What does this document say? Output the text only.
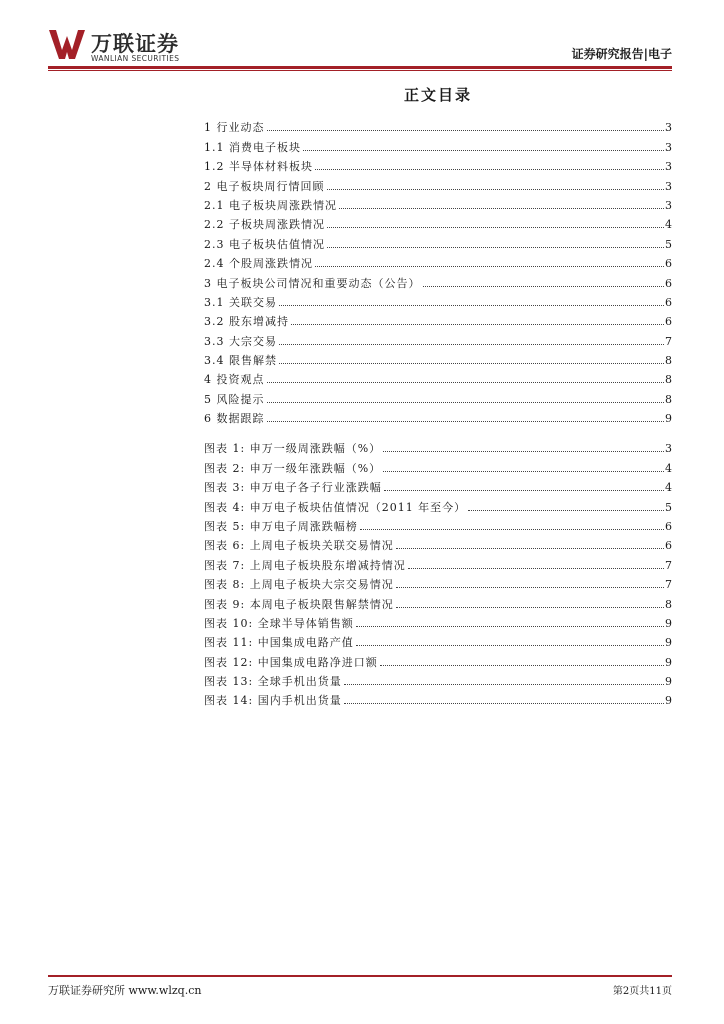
万联证券
WANLIAN SECURITIES	证券研究报告|电子
正文目录
1 行业动态	3
1.1 消费电子板块	3
1.2 半导体材料板块	3
2 电子板块周行情回顾	3
2.1 电子板块周涨跌情况	3
2.2 子板块周涨跌情况	4
2.3 电子板块估值情况	5
2.4 个股周涨跌情况	6
3 电子板块公司情况和重要动态（公告）	6
3.1 关联交易	6
3.2 股东增减持	6
3.3 大宗交易	7
3.4 限售解禁	8
4 投资观点	8
5 风险提示	8
6 数据跟踪	9
图表 1: 申万一级周涨跌幅（%）	3
图表 2: 申万一级年涨跌幅（%）	4
图表 3: 申万电子各子行业涨跌幅	4
图表 4: 申万电子板块估值情况（2011 年至今）	5
图表 5: 申万电子周涨跌幅榜	6
图表 6: 上周电子板块关联交易情况	6
图表 7: 上周电子板块股东增减持情况	7
图表 8: 上周电子板块大宗交易情况	7
图表 9: 本周电子板块限售解禁情况	8
图表 10: 全球半导体销售额	9
图表 11: 中国集成电路产值	9
图表 12: 中国集成电路净进口额	9
图表 13: 全球手机出货量	9
图表 14: 国内手机出货量	9
万联证券研究所 www.wlzq.cn	第2页共11页
